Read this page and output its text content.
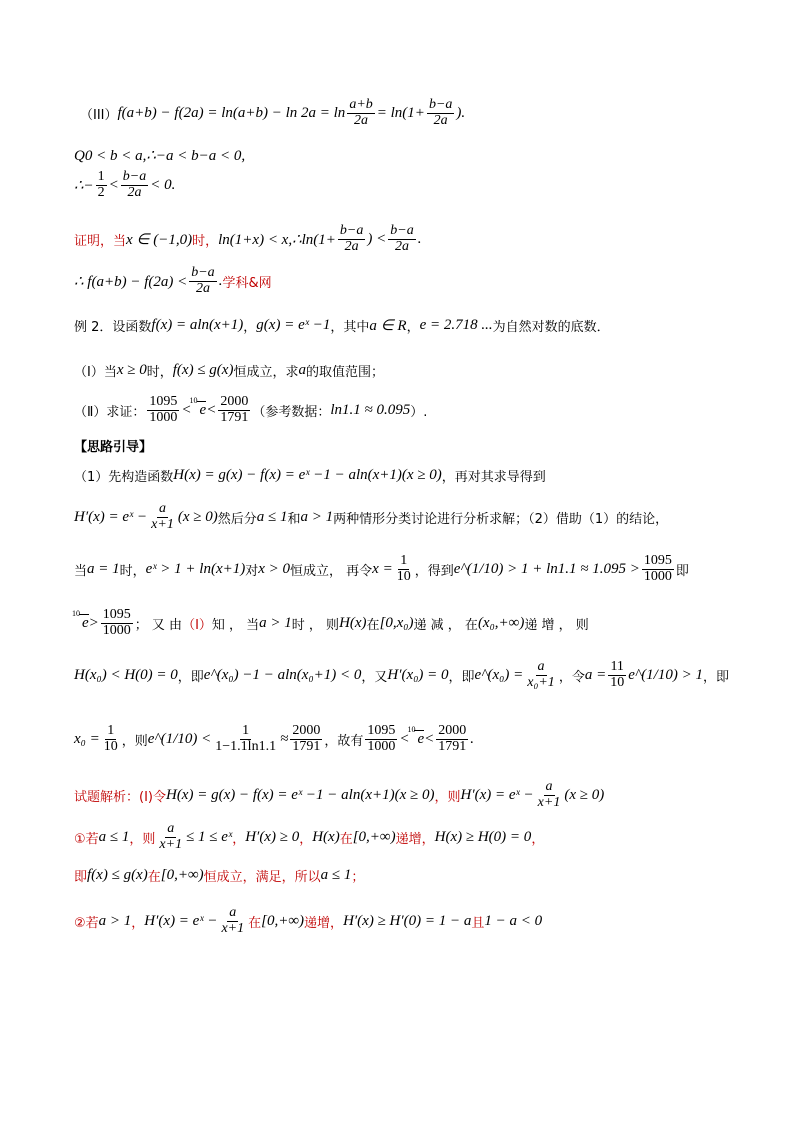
（III） $f(a+b) - f(2a) = \ln(a+b) - \ln 2a = \ln \frac{a+b}{2a} = \ln(1+ \frac{b-a}{2a}$ ).
Q0 < b < a,∴−a < b−a < 0,
∴− $\frac{1}{2} < \frac{b-a}{2a} < 0$.
证明，当 x ∈ (−1,0) 时， ln(1+x) < x,∴ln(1+ $\frac{b-a}{2a}$ ) < $\frac{b-a}{2a}$ .
∴ $f(a+b) - f(2a) < \frac{b-a}{2a}$ . 学科&网
例 2．设函数 f(x) = aln(x+1) ， g(x) = eˣ −1 ，其中 a ∈ R ， e = 2.718 ... 为自然对数的底数．
（Ⅰ）当 x ≥ 0 时， f(x) ≤ g(x) 恒成立，求 a 的取值范围；
（Ⅱ）求证： $\frac{1095}{1000}$ <
10
$e < \frac{2000}{1791}$ （参考数据： ln1.1 ≈ 0.095 ）.
【思路引导】
（1）先构造函数 H(x) = g(x) − f(x) = eˣ −1 − aln(x+1)(x ≥ 0) ，再对其求导得到
H′(x) = eˣ − $\frac{a}{x+1} (x \ge 0)$ 然后分 a ≤ 1 和 a > 1 两种情形分类讨论进行分析求解；（2）借助（1）的结论，
当 a = 1 时， eˣ > 1 + ln(x+1) 对 x > 0 恒成立， 再令 $x = \frac{1}{10}$ ，得到 e^(1/10) > $1 + \ln 1.1 \approx 1.095 > \frac{1095}{1000}$ 即
10
$e > \frac{1095}{1000}$ ； 又 由 （Ⅰ） 知 ， 当 a > 1 时 ， 则 H(x) 在 [0,x₀) 递 减 ， 在 (x₀,+∞) 递 增 ， 则
H(x₀) < H(0) = 0 ，即 e^(x₀) −1 − aln(x₀+1) < 0 ，又 H′(x₀) = 0 ，即 e^(x₀) = $\frac{a}{\text{x₀+1}}$ ，令 $a = \frac{11}{10}$ e^(1/10) > 1 ，即
$x_0 = \frac{1}{10}$ ，则 e^(1/10) < $\frac{1}{1-1.1\ln 1.1} \approx \frac{2000}{1791}$ ，故有 $\frac{1095}{1000}$ <
10
$e < \frac{2000}{1791}$ .
试题解析：(Ⅰ)令 H(x) = g(x) − f(x) = eˣ −1 − aln(x+1)(x ≥ 0) ，则 H′(x) = eˣ − $\frac{a}{x+1} (x \ge 0)$
①若 a ≤ 1 ，则 $\frac{a}{x+1} \le 1$ ≤ eˣ ， H′(x) ≥ 0 ， H(x) 在 [0,+∞) 递增， H(x) ≥ H(0) = 0 ，
即 f(x) ≤ g(x) 在 [0,+∞) 恒成立，满足，所以 a ≤ 1 ；
②若 a > 1 ， H′(x) = eˣ − $\frac{a}{x+1}$ 在 [0,+∞) 递增， H′(x) ≥ H′(0) = 1 − a 且 1 − a < 0
